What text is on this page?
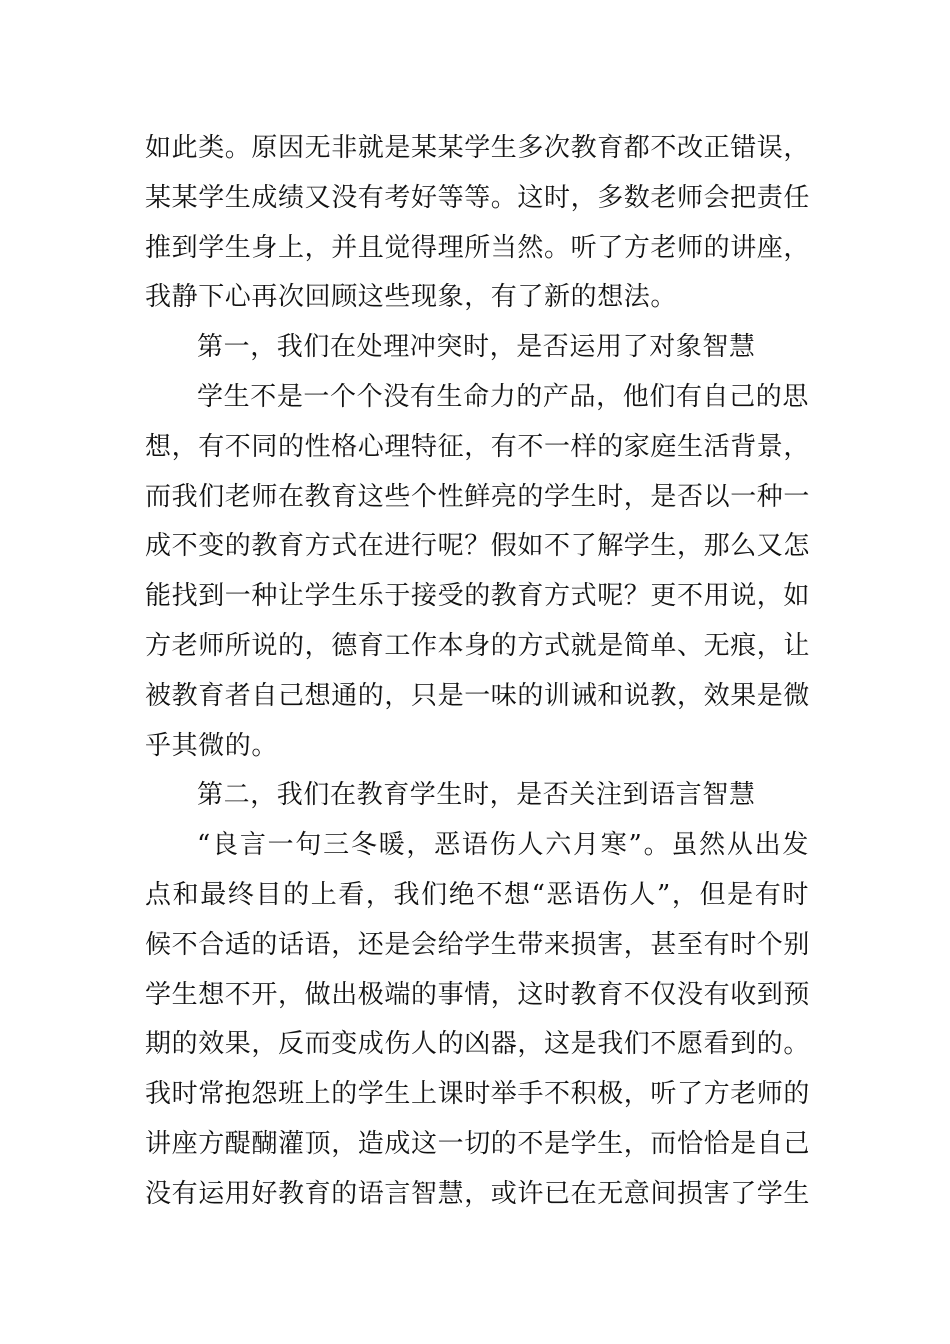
如此类。原因无非就是某某学生多次教育都不改正错误，
某某学生成绩又没有考好等等。这时，多数老师会把责任
推到学生身上，并且觉得理所当然。听了方老师的讲座，
我静下心再次回顾这些现象，有了新的想法。
第一，我们在处理冲突时，是否运用了对象智慧
学生不是一个个没有生命力的产品，他们有自己的思
想，有不同的性格心理特征，有不一样的家庭生活背景，
而我们老师在教育这些个性鲜亮的学生时，是否以一种一
成不变的教育方式在进行呢？假如不了解学生，那么又怎
能找到一种让学生乐于接受的教育方式呢？更不用说，如
方老师所说的，德育工作本身的方式就是简单、无痕，让
被教育者自己想通的，只是一味的训诫和说教，效果是微
乎其微的。
第二，我们在教育学生时，是否关注到语言智慧
“良言一句三冬暖，恶语伤人六月寒”。虽然从出发
点和最终目的上看，我们绝不想“恶语伤人”，但是有时
候不合适的话语，还是会给学生带来损害，甚至有时个别
学生想不开，做出极端的事情，这时教育不仅没有收到预
期的效果，反而变成伤人的凶器，这是我们不愿看到的。
我时常抱怨班上的学生上课时举手不积极，听了方老师的
讲座方醍醐灌顶，造成这一切的不是学生，而恰恰是自己
没有运用好教育的语言智慧，或许已在无意间损害了学生
